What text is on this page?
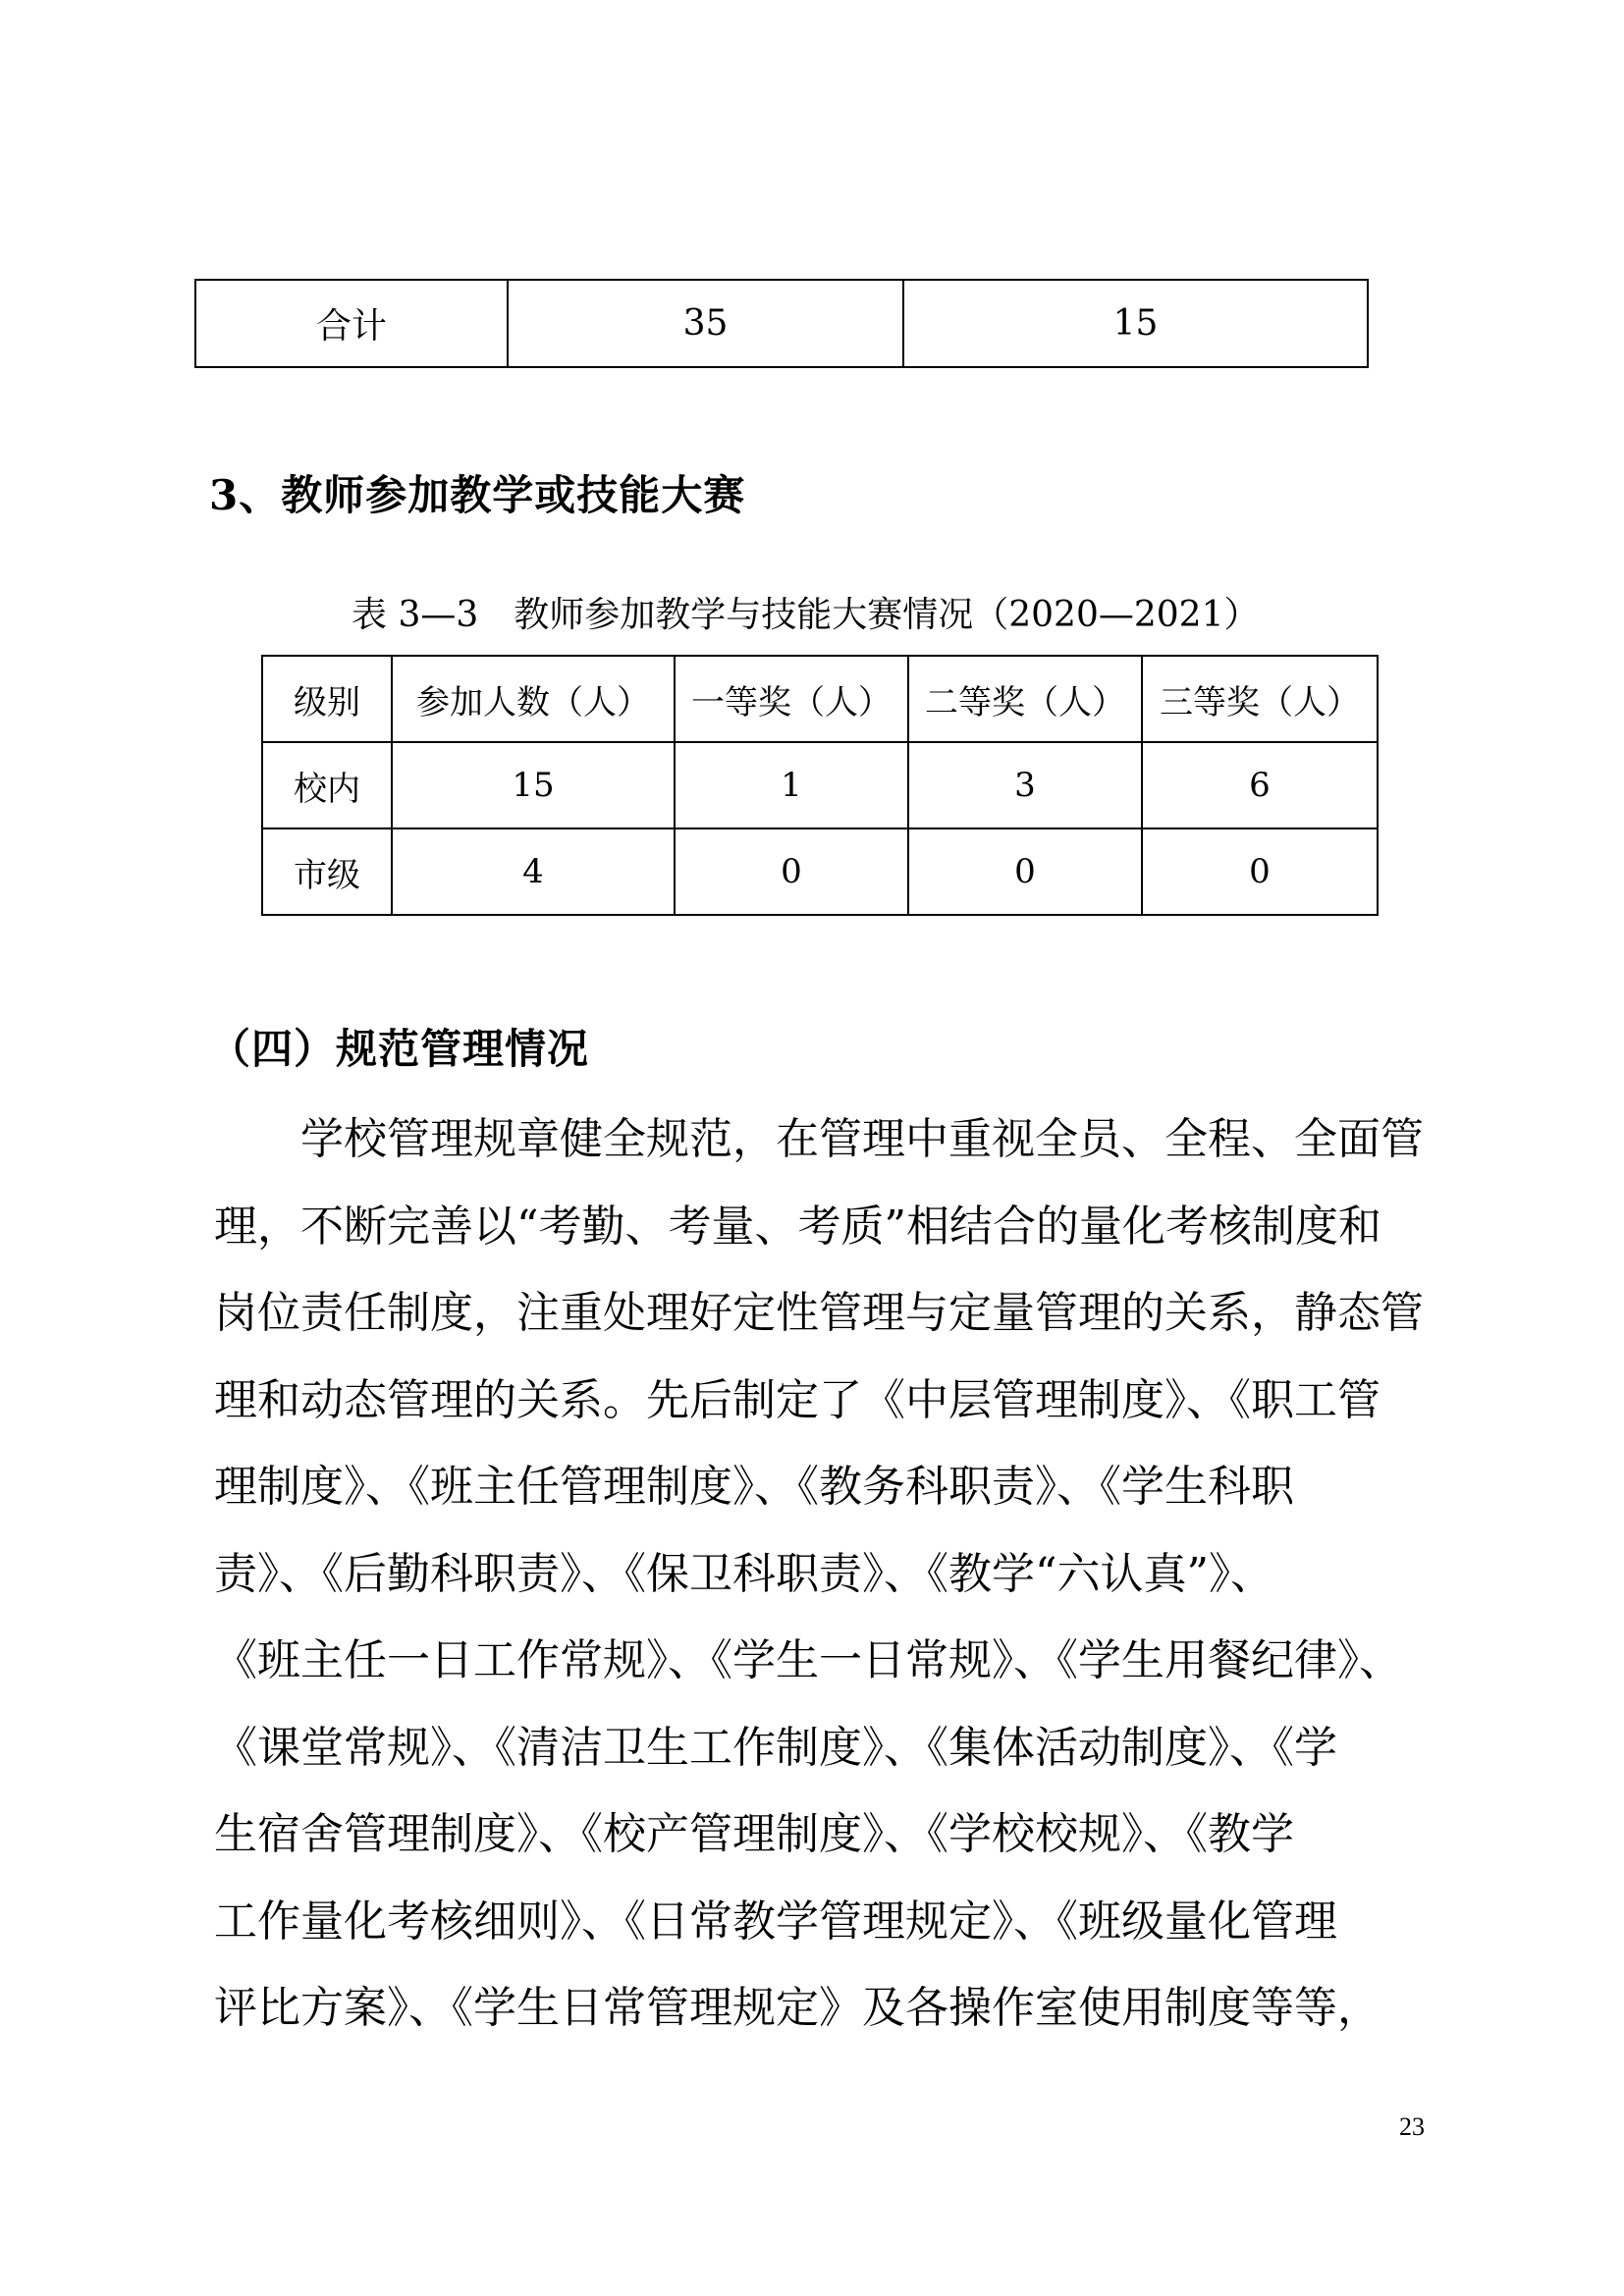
合计	35	15
3、教师参加教学或技能大赛
表 3—3　教师参加教学与技能大赛情况（2020—2021）
级别	参加人数（人）	一等奖（人）	二等奖（人）	三等奖（人）
校内	15	1	3	6
市级	4	0	0	0
（四）规范管理情况
　　学校管理规章健全规范，在管理中重视全员、全程、全面管
理，不断完善以“考勤、考量、考质”相结合的量化考核制度和
岗位责任制度，注重处理好定性管理与定量管理的关系，静态管
理和动态管理的关系。先后制定了《中层管理制度》、《职工管
理制度》、《班主任管理制度》、《教务科职责》、《学生科职
责》、《后勤科职责》、《保卫科职责》、《教学“六认真”》、
《班主任一日工作常规》、《学生一日常规》、《学生用餐纪律》、
《课堂常规》、《清洁卫生工作制度》、《集体活动制度》、《学
生宿舍管理制度》、《校产管理制度》、《学校校规》、《教学
工作量化考核细则》、《日常教学管理规定》、《班级量化管理
评比方案》、《学生日常管理规定》及各操作室使用制度等等，
23
